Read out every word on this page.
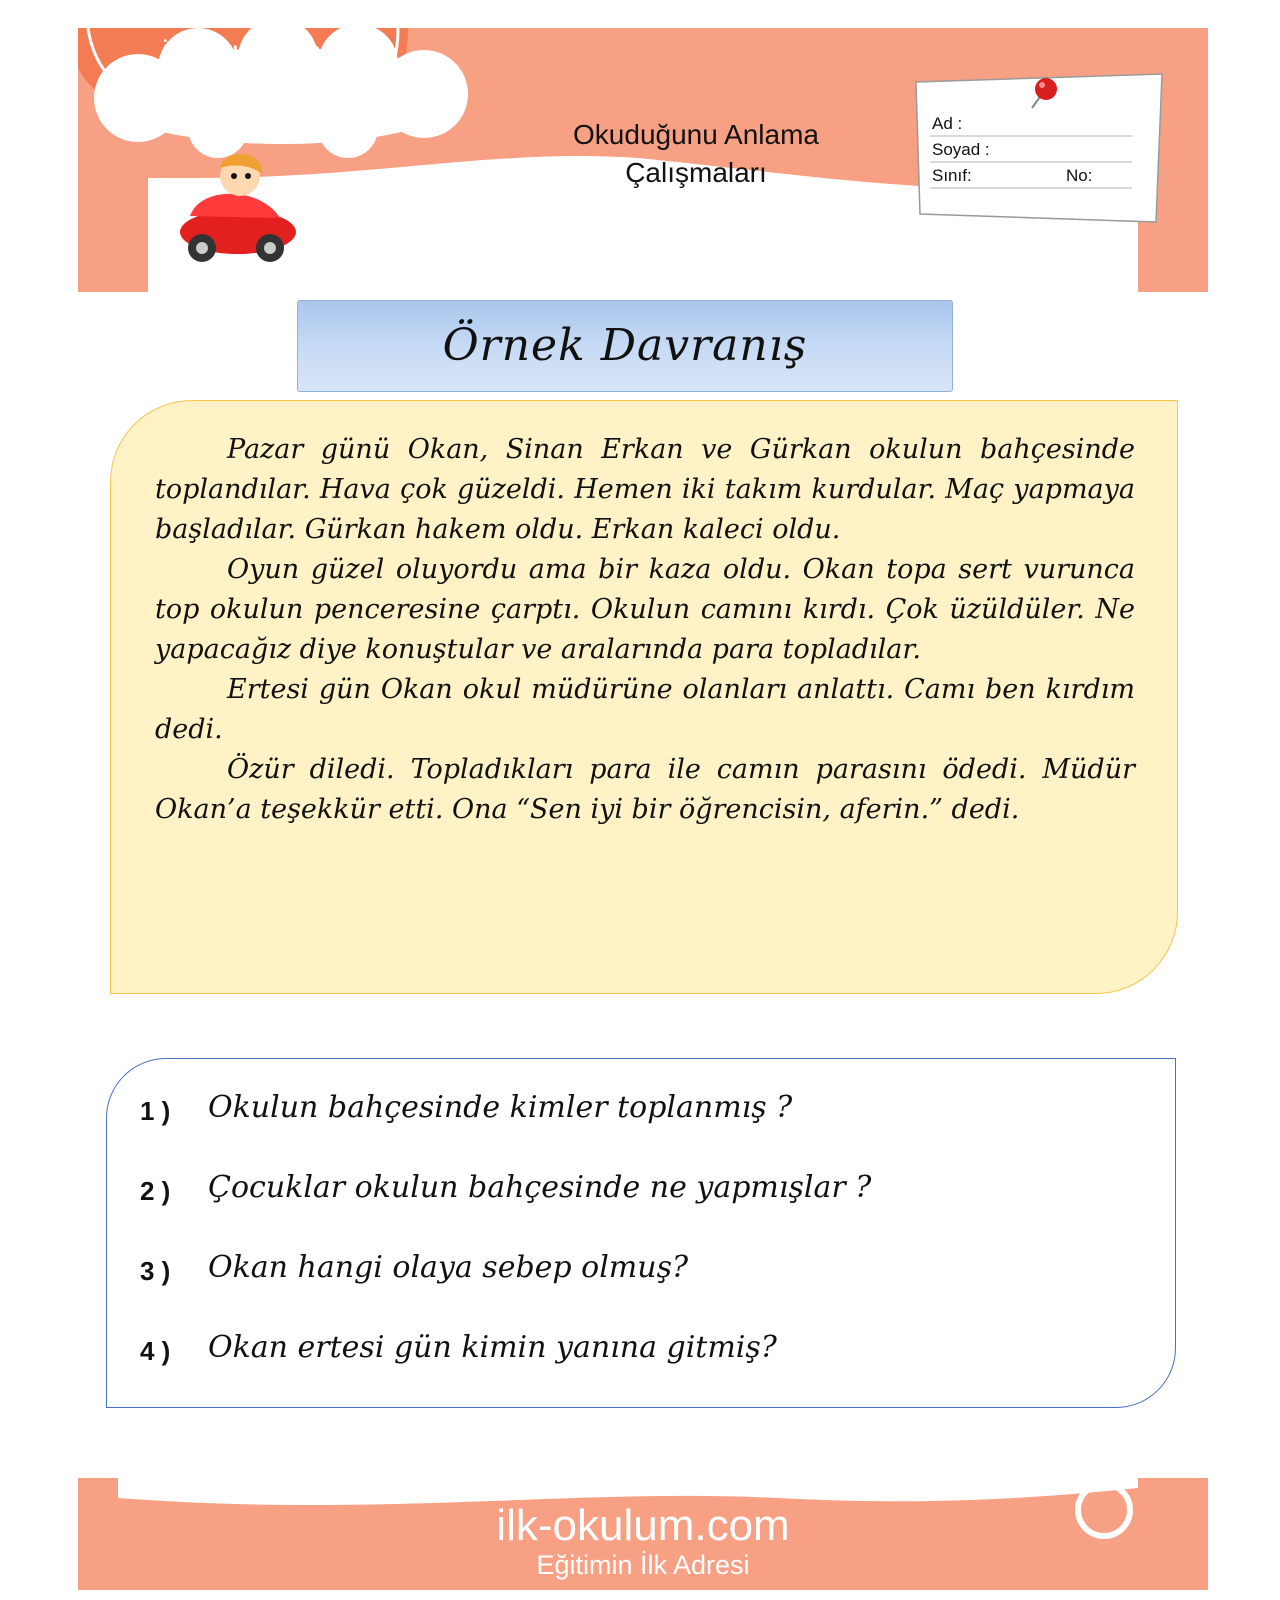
Okuduğunu Anlama
Çalışmaları
Ad :
Soyad :
Sınıf:	No:
Örnek Davranış

Pazar günü Okan, Sinan Erkan ve Gürkan okulun bahçesinde toplandılar. Hava çok güzeldi. Hemen iki takım kurdular. Maç yapmaya başladılar. Gürkan hakem oldu. Erkan kaleci oldu.

Oyun güzel oluyordu ama bir kaza oldu. Okan topa sert vurunca top okulun penceresine çarptı. Okulun camını kırdı. Çok üzüldüler. Ne yapacağız diye konuştular ve aralarında para topladılar.

Ertesi gün Okan okul müdürüne olanları anlattı. Camı ben kırdım dedi.

Özür diledi. Topladıkları para ile camın parasını ödedi. Müdür Okan’a teşekkür etti. Ona “Sen iyi bir öğrencisin, aferin.” dedi.

1 ) Okulun bahçesinde kimler toplanmış ?
2 ) Çocuklar okulun bahçesinde ne yapmışlar ?
3 ) Okan hangi olaya sebep olmuş?
4 ) Okan ertesi gün kimin yanına gitmiş?
ilk-okulum.com
Eğitimin İlk Adresi
